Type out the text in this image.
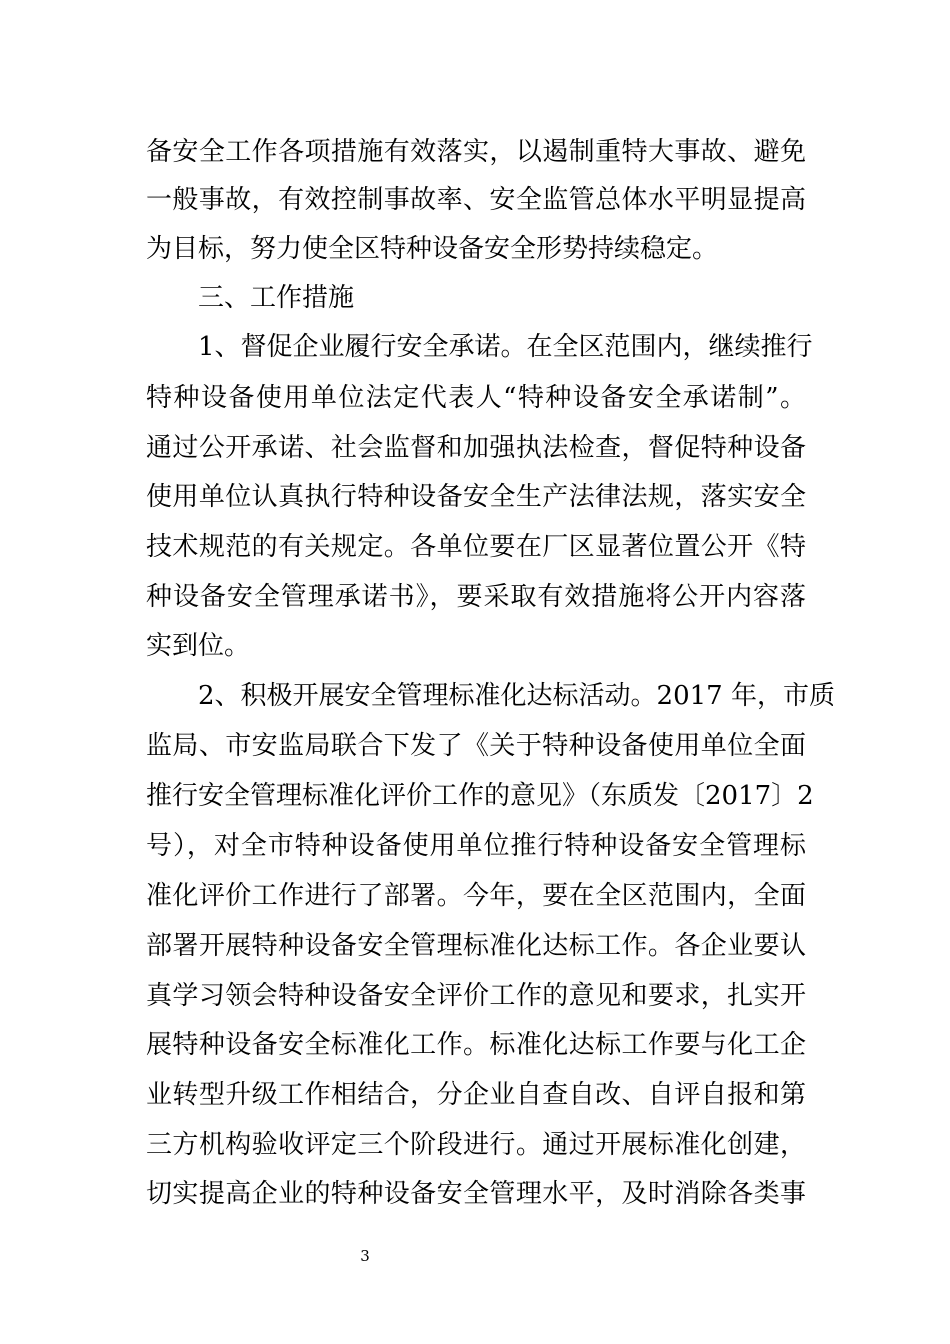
备安全工作各项措施有效落实，以遏制重特大事故、避免
一般事故，有效控制事故率、安全监管总体水平明显提高
为目标，努力使全区特种设备安全形势持续稳定。
三、工作措施
1、督促企业履行安全承诺。在全区范围内，继续推行
特种设备使用单位法定代表人“特种设备安全承诺制”。
通过公开承诺、社会监督和加强执法检查，督促特种设备
使用单位认真执行特种设备安全生产法律法规，落实安全
技术规范的有关规定。各单位要在厂区显著位置公开《特
种设备安全管理承诺书》，要采取有效措施将公开内容落
实到位。
2、积极开展安全管理标准化达标活动。2017 年，市质
监局、市安监局联合下发了《关于特种设备使用单位全面
推行安全管理标准化评价工作的意见》（东质发〔2017〕2
号），对全市特种设备使用单位推行特种设备安全管理标
准化评价工作进行了部署。今年，要在全区范围内，全面
部署开展特种设备安全管理标准化达标工作。各企业要认
真学习领会特种设备安全评价工作的意见和要求，扎实开
展特种设备安全标准化工作。标准化达标工作要与化工企
业转型升级工作相结合，分企业自查自改、自评自报和第
三方机构验收评定三个阶段进行。通过开展标准化创建，
切实提高企业的特种设备安全管理水平，及时消除各类事
3
